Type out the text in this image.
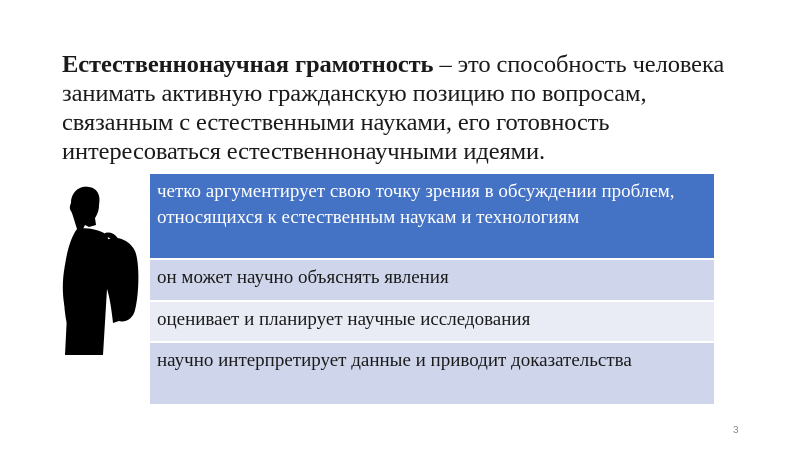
Естественнонаучная грамотность – это способность человека занимать активную гражданскую позицию по вопросам, связанным с естественными науками, его готовность интересоваться естественнонаучными идеями.
четко аргументирует свою точку зрения в обсуждении проблем, относящихся к естественным наукам и технологиям
он может научно объяснять явления
оценивает и планирует научные исследования
научно интерпретирует данные и приводит доказательства
3
